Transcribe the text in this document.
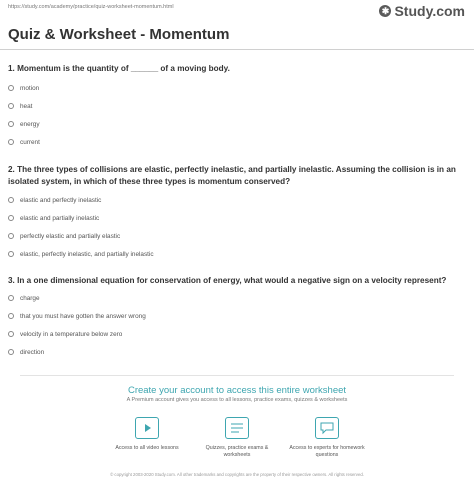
https://study.com/academy/practice/quiz-worksheet-momentum.html	✱ Study.com
Quiz & Worksheet - Momentum
1. Momentum is the quantity of ______ of a moving body.
motion
heat
energy
current
2. The three types of collisions are elastic, perfectly inelastic, and partially inelastic. Assuming the collision is in an isolated system, in which of these three types is momentum conserved?
elastic and perfectly inelastic
elastic and partially inelastic
perfectly elastic and partially elastic
elastic, perfectly inelastic, and partially inelastic
3. In a one dimensional equation for conservation of energy, what would a negative sign on a velocity represent?
charge
that you must have gotten the answer wrong
velocity in a temperature below zero
direction
Create your account to access this entire worksheet
A Premium account gives you access to all lessons, practice exams, quizzes & worksheets
Access to all video lessons	Quizzes, practice exams & worksheets
Access to experts for homework questions
© copyright 2003-2020 Study.com. All other trademarks and copyrights are the property of their respective owners. All rights reserved.
